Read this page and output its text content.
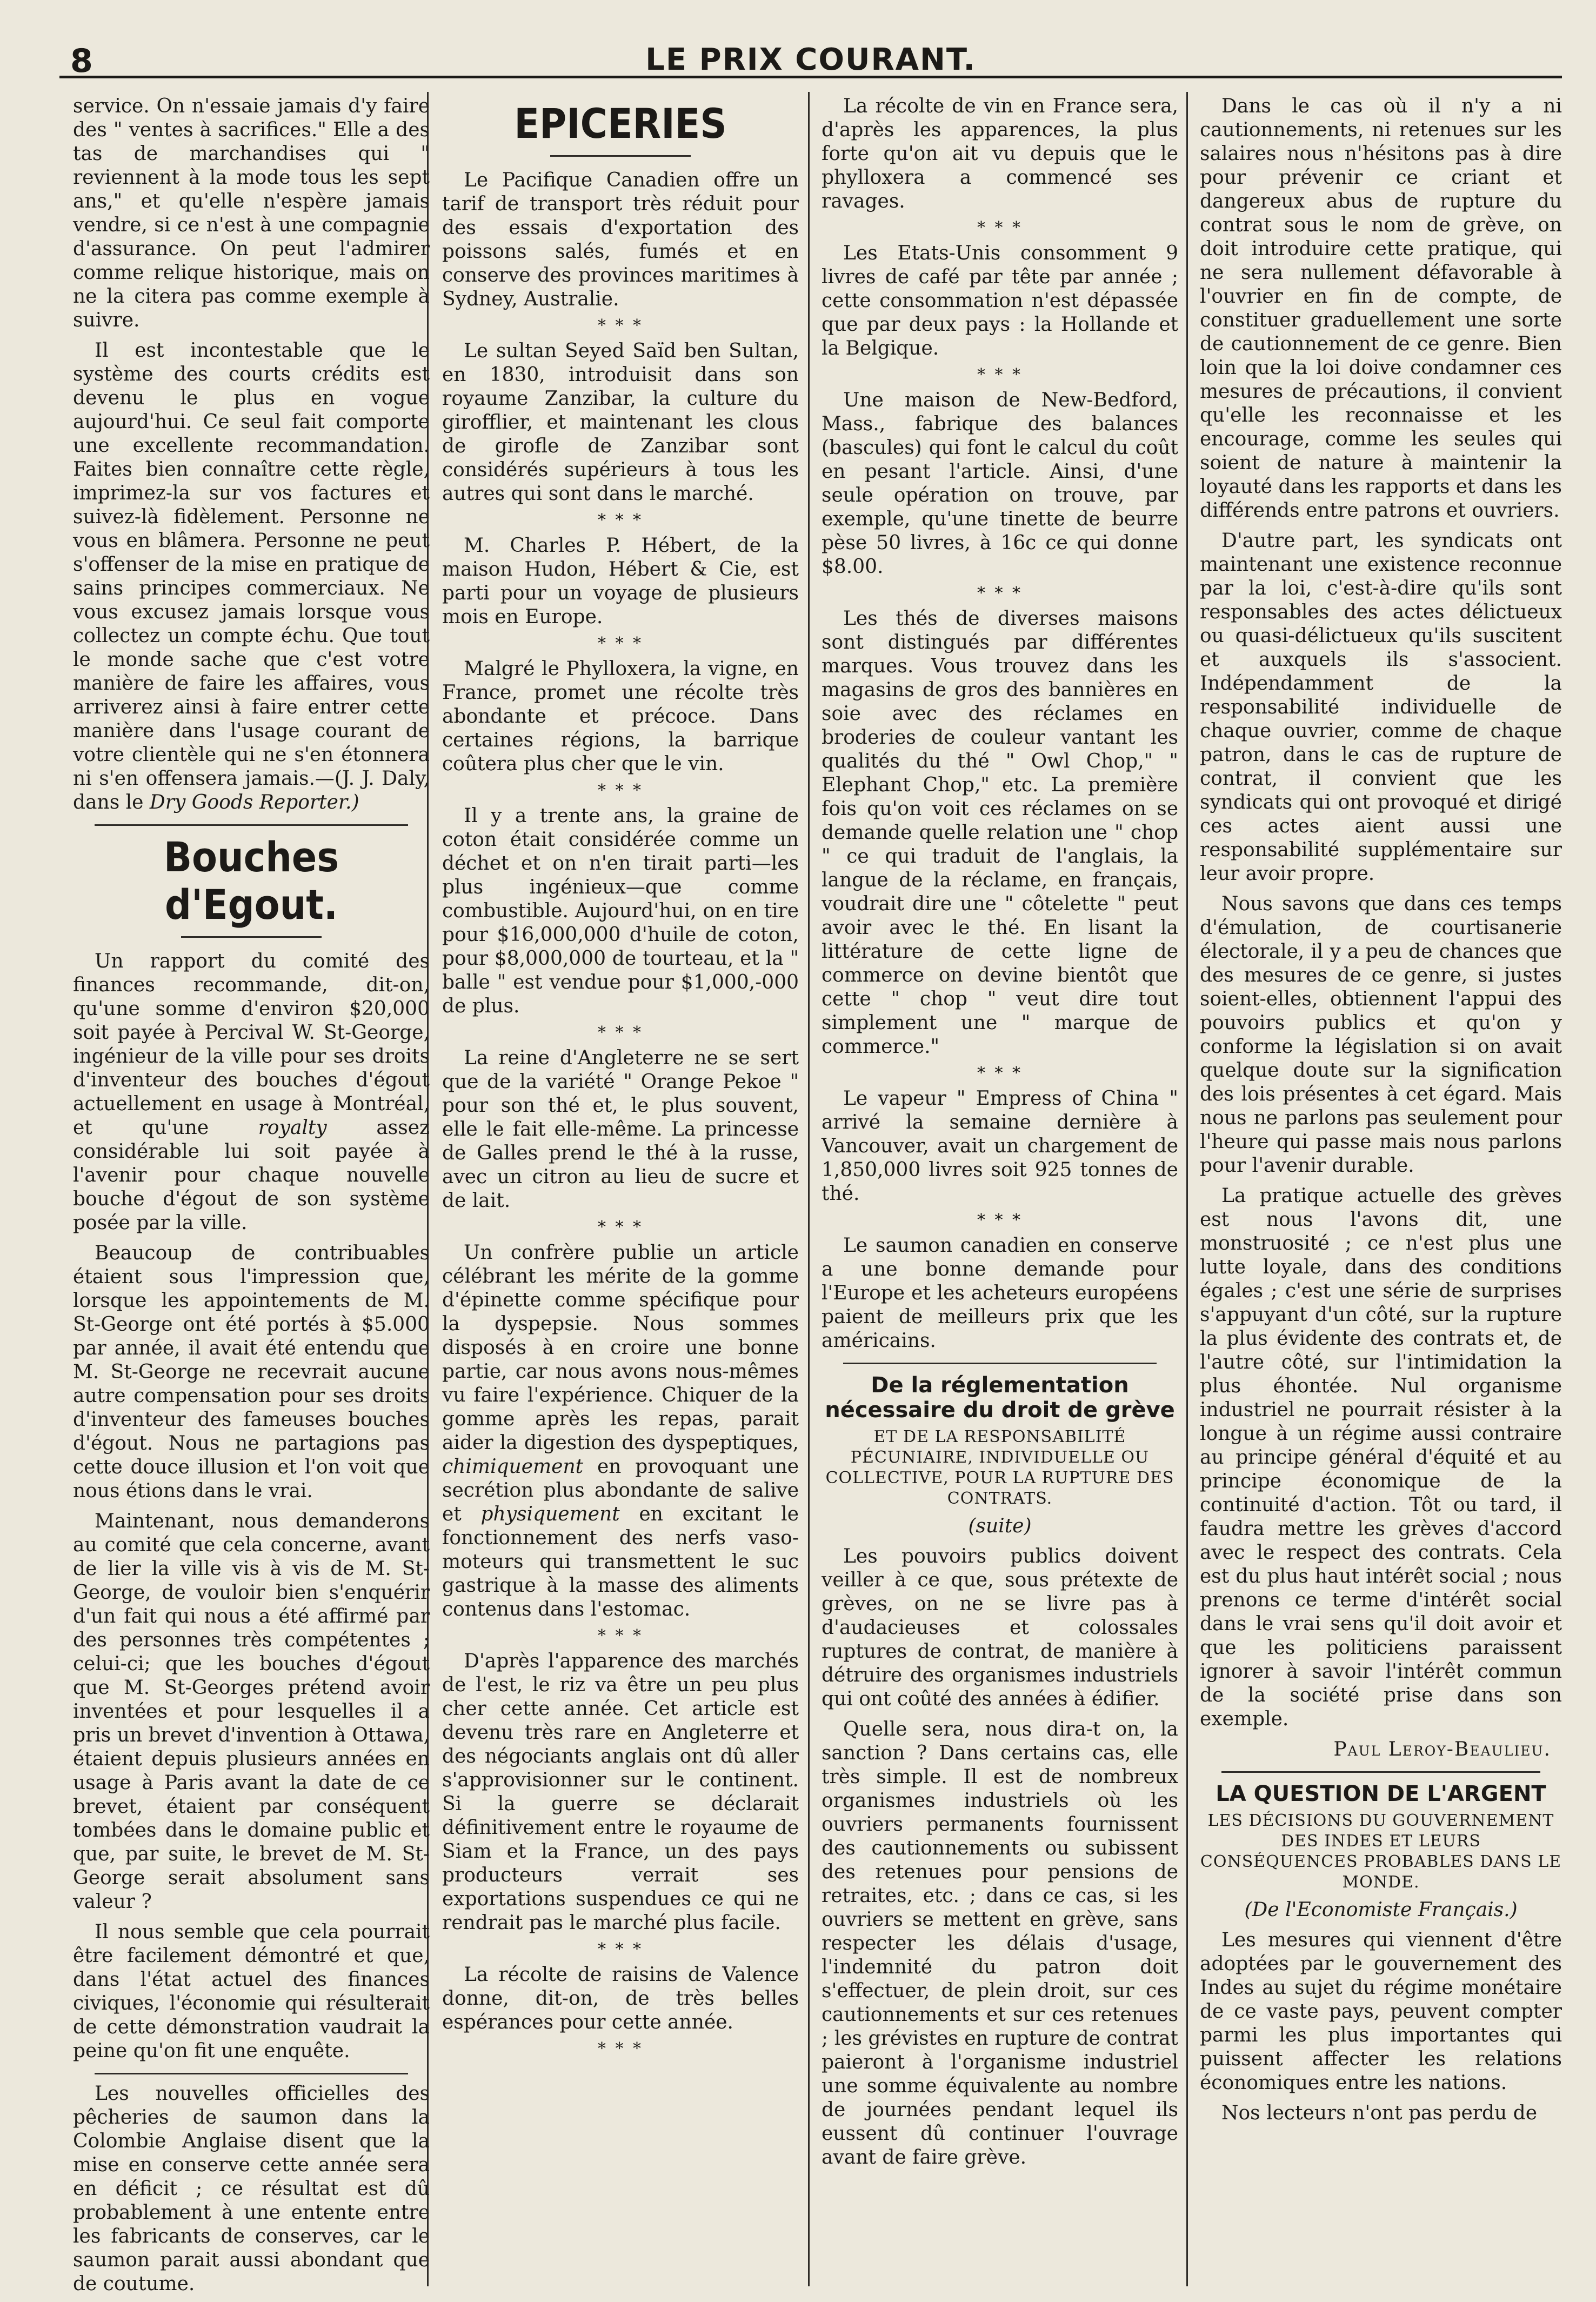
8	LE PRIX COURANT.

service. On n'essaie jamais d'y faire des " ventes à sacrifices." Elle a des tas de marchandises qui " reviennent à la mode tous les sept ans," et qu'elle n'espère jamais vendre, si ce n'est à une compagnie d'assurance. On peut l'admirer comme relique historique, mais on ne la citera pas comme exemple à suivre.

Il est incontestable que le système des courts crédits est devenu le plus en vogue aujourd'hui. Ce seul fait comporte une excellente recommandation. Faites bien connaître cette règle, imprimez-la sur vos factures et suivez-là fidèlement. Personne ne vous en blâmera. Personne ne peut s'offenser de la mise en pratique de sains principes commerciaux. Ne vous excusez jamais lorsque vous collectez un compte échu. Que tout le monde sache que c'est votre manière de faire les affaires, vous arriverez ainsi à faire entrer cette manière dans l'usage courant de votre clientèle qui ne s'en étonnera ni s'en offensera jamais.—(J. J. Daly, dans le Dry Goods Reporter.)

Bouches d'Egout.

Un rapport du comité des finances recommande, dit-on, qu'une somme d'environ $20,000 soit payée à Percival W. St-George, ingénieur de la ville pour ses droits d'inventeur des bouches d'égout actuellement en usage à Montréal, et qu'une	royalty	assez considérable lui soit payée à l'avenir pour chaque nouvelle bouche d'égout de son système posée par la ville.

Beaucoup de contribuables étaient sous l'impression que, lorsque les appointements de M. St-George ont été portés à $5.000 par année, il avait été entendu que M. St-George ne recevrait aucune autre compensation pour ses droits d'inventeur des fameuses bouches d'égout. Nous ne partagions pas cette douce illusion et l'on voit que nous étions dans le vrai.

Maintenant, nous demanderons au comité que cela concerne, avant de lier la ville vis à vis de M. St-George, de vouloir bien s'enquérir d'un fait qui nous a été affirmé par des personnes très compétentes ; celui-ci; que les bouches d'égout que M. St-Georges prétend avoir inventées et pour lesquelles il a pris un brevet d'invention à Ottawa, étaient depuis plusieurs années en usage à Paris avant la date de ce brevet, étaient par conséquent tombées dans le domaine public et que, par suite, le brevet de M. St-George serait absolument sans valeur ?

Il nous semble que cela pourrait être facilement démontré et que, dans l'état actuel des finances civiques, l'économie qui résulterait de cette démonstration vaudrait la peine qu'on fit une enquête.

Les nouvelles officielles des pêcheries de saumon dans la Colombie Anglaise disent que la mise en conserve cette année sera en déficit ; ce résultat est dû probablement à une entente entre les fabricants de conserves, car le saumon parait aussi abondant que de coutume.

EPICERIES

Le Pacifique Canadien offre un tarif de transport très réduit pour des essais d'exportation des poissons salés, fumés et en conserve des provinces maritimes à Sydney, Australie.

* * *

Le sultan Seyed Saïd ben Sultan, en 1830, introduisit dans son royaume Zanzibar, la culture du girofflier, et maintenant les clous de girofle de Zanzibar sont considérés supérieurs à tous les autres qui sont dans le marché.

* * *

M. Charles P. Hébert, de la maison Hudon, Hébert & Cie, est parti pour un voyage de plusieurs mois en Europe.

* * *

Malgré le Phylloxera, la vigne, en France, promet une récolte très abondante et précoce. Dans certaines régions, la barrique coûtera plus cher que le vin.

* * *

Il y a trente ans, la graine de coton était considérée comme un déchet et on n'en tirait parti—les plus ingénieux—que comme combustible. Aujourd'hui, on en tire pour $16,000,000 d'huile de coton, pour $8,000,000 de tourteau, et la " balle " est vendue pour $1,000,-000 de plus.

* * *

La reine d'Angleterre ne se sert que de la variété " Orange Pekoe " pour son thé et, le plus souvent, elle le fait elle-même. La princesse de Galles prend le thé à la russe, avec un citron au lieu de sucre et de lait.

* * *

Un confrère publie un article célébrant les mérite de la gomme d'épinette comme spécifique pour la dyspepsie. Nous sommes disposés à en croire une bonne partie, car nous avons nous-mêmes vu faire l'expérience. Chiquer de la gomme après les repas, parait aider la digestion des dyspeptiques, chimiquement en provoquant une secrétion plus abondante de salive et physiquement en excitant le fonctionnement des nerfs vaso-moteurs qui transmettent le suc gastrique à la masse des aliments contenus dans l'estomac.

* * *

D'après l'apparence des marchés de l'est, le riz va être un peu plus cher cette année. Cet article est devenu très rare en Angleterre et des négociants anglais ont dû aller s'approvisionner sur le continent. Si la guerre se déclarait définitivement entre le royaume de Siam et la France, un des pays producteurs verrait ses exportations suspendues ce qui ne rendrait pas le marché plus facile.

* * *

La récolte de raisins de Valence donne, dit-on, de très belles espérances pour cette année.

* * *

La récolte de vin en France sera, d'après les apparences, la plus forte qu'on ait vu depuis que le phylloxera a commencé ses ravages.

* * *

Les Etats-Unis consomment 9 livres de café par tête par année ; cette consommation n'est dépassée que par deux pays : la Hollande et la Belgique.

* * *

Une maison de New-Bedford, Mass., fabrique des balances (bascules) qui font le calcul du coût en pesant l'article. Ainsi, d'une seule opération on trouve, par exemple, qu'une tinette de beurre pèse 50 livres, à 16c ce qui donne $8.00.

* * *

Les thés de diverses maisons sont distingués par différentes marques. Vous trouvez dans les magasins de gros des bannières en soie avec des réclames en broderies de couleur vantant les qualités du thé " Owl Chop," " Elephant Chop," etc. La première fois qu'on voit ces réclames on se demande quelle relation une " chop " ce qui traduit de l'anglais, la langue de la réclame, en français, voudrait dire une " côtelette " peut avoir avec le thé. En lisant la littérature de cette ligne de commerce on devine bientôt que cette " chop " veut dire tout simplement une " marque de commerce."

* * *

Le vapeur " Empress of China " arrivé la semaine dernière à Vancouver, avait un chargement de 1,850,000 livres soit 925 tonnes de thé.

* * *

Le saumon canadien en conserve a une bonne demande pour l'Europe et les acheteurs européens paient de meilleurs prix que les américains.

De la réglementation nécessaire du droit de grève
ET DE LA RESPONSABILITÉ PÉCUNIAIRE, INDIVIDUELLE OU COLLECTIVE, POUR LA RUPTURE DES CONTRATS.
(suite)

Les pouvoirs publics doivent veiller à ce que, sous prétexte de grèves, on ne se livre pas à d'audacieuses et colossales ruptures de contrat, de manière à détruire des organismes industriels qui ont coûté des années à édifier.

Quelle sera, nous dira-t on, la sanction ? Dans certains cas, elle très simple. Il est de nombreux organismes industriels où les ouvriers permanents fournissent des cautionnements ou subissent des retenues pour pensions de retraites, etc. ; dans ce cas, si les ouvriers se mettent en grève, sans respecter les délais d'usage, l'indemnité du patron doit s'effectuer, de plein droit, sur ces cautionnements et sur ces retenues ; les grévistes en rupture de contrat paieront à l'organisme industriel une somme équivalente au nombre de journées pendant lequel ils eussent dû continuer l'ouvrage avant de faire grève.

Dans le cas où il n'y a ni cautionnements, ni retenues sur les salaires nous n'hésitons pas à dire pour prévenir ce criant et dangereux abus de rupture du contrat sous le nom de grève, on doit introduire cette pratique, qui ne sera nullement défavorable à l'ouvrier en fin de compte, de constituer graduellement une sorte de cautionnement de ce genre. Bien loin que la loi doive condamner ces mesures de précautions, il convient qu'elle les reconnaisse et les encourage, comme les seules qui soient de nature à maintenir la loyauté dans les rapports et dans les différends entre patrons et ouvriers.

D'autre part, les syndicats ont maintenant une existence reconnue par la loi, c'est-à-dire qu'ils sont responsables des actes délictueux ou quasi-délictueux qu'ils suscitent et auxquels ils s'associent. Indépendamment de la responsabilité individuelle de chaque ouvrier, comme de chaque patron, dans le cas de rupture de contrat, il convient que les syndicats qui ont provoqué et dirigé ces actes aient aussi une responsabilité supplémentaire sur leur avoir propre.

Nous savons que dans ces temps d'émulation, de courtisanerie électorale, il y a peu de chances que des mesures de ce genre, si justes soient-elles, obtiennent l'appui des pouvoirs publics et qu'on y conforme la législation si on avait quelque doute sur la signification des lois présentes à cet égard. Mais nous ne parlons pas seulement pour l'heure qui passe mais nous parlons pour l'avenir durable.

La pratique actuelle des grèves est nous l'avons dit, une monstruosité ; ce n'est plus une lutte loyale, dans des conditions égales ; c'est une série de surprises s'appuyant d'un côté, sur la rupture la plus évidente des contrats et, de l'autre côté, sur l'intimidation la plus éhontée. Nul organisme industriel ne pourrait résister à la longue à un régime aussi contraire au principe général d'équité et au principe économique de la continuité d'action. Tôt ou tard, il faudra mettre les grèves d'accord avec le respect des contrats. Cela est du plus haut intérêt social ; nous prenons ce terme d'intérêt social dans le vrai sens qu'il doit avoir et que les politiciens paraissent ignorer à savoir l'intérêt commun de la société prise dans son exemple.

Paul Leroy-Beaulieu.
LA QUESTION DE L'ARGENT
LES DÉCISIONS DU GOUVERNEMENT DES INDES ET LEURS CONSÉQUENCES PROBABLES DANS LE MONDE.
(De l'Economiste Français.)

Les mesures qui viennent d'être adoptées par le gouvernement des Indes au sujet du régime monétaire de ce vaste pays, peuvent compter parmi les plus importantes qui puissent affecter les relations économiques entre les nations.

Nos lecteurs n'ont pas perdu de
